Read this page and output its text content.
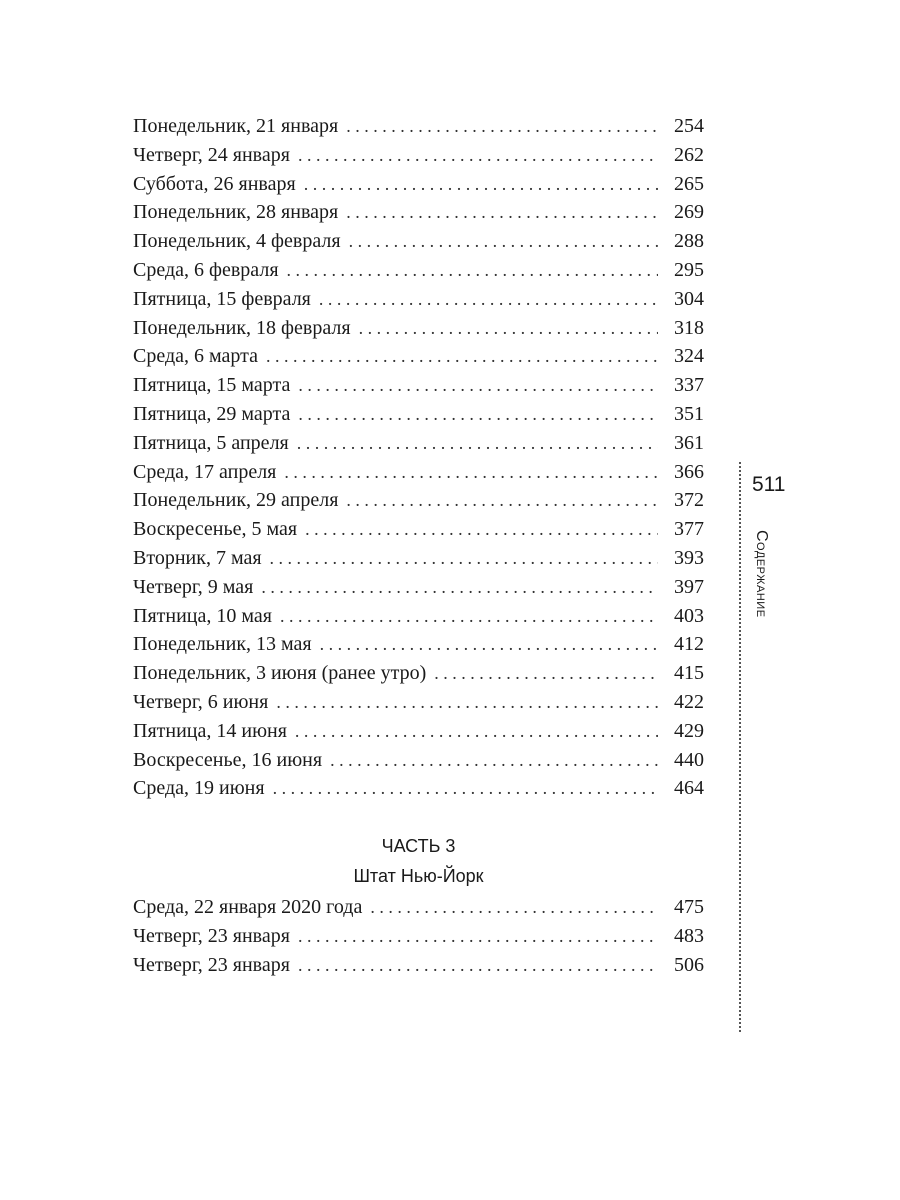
Понедельник, 21 января . . .	254
Четверг, 24 января . . .	262
Суббота, 26 января . . .	265
Понедельник, 28 января . . .	269
Понедельник, 4 февраля . . .	288
Среда, 6 февраля . . .	295
Пятница, 15 февраля . . .	304
Понедельник, 18 февраля . . .	318
Среда, 6 марта . . .	324
Пятница, 15 марта . . .	337
Пятница, 29 марта . . .	351
Пятница, 5 апреля . . .	361
Среда, 17 апреля . . .	366
Понедельник, 29 апреля . . .	372
Воскресенье, 5 мая . . .	377
Вторник, 7 мая . . .	393
Четверг, 9 мая . . .	397
Пятница, 10 мая . . .	403
Понедельник, 13 мая . . .	412
Понедельник, 3 июня (ранее утро) . . .	415
Четверг, 6 июня . . .	422
Пятница, 14 июня . . .	429
Воскресенье, 16 июня . . .	440
Среда, 19 июня . . .	464
ЧАСТЬ 3
Штат Нью-Йорк
Среда, 22 января 2020 года . . .	475
Четверг, 23 января . . .	483
Четверг, 23 января . . .	506
511
Содержание
